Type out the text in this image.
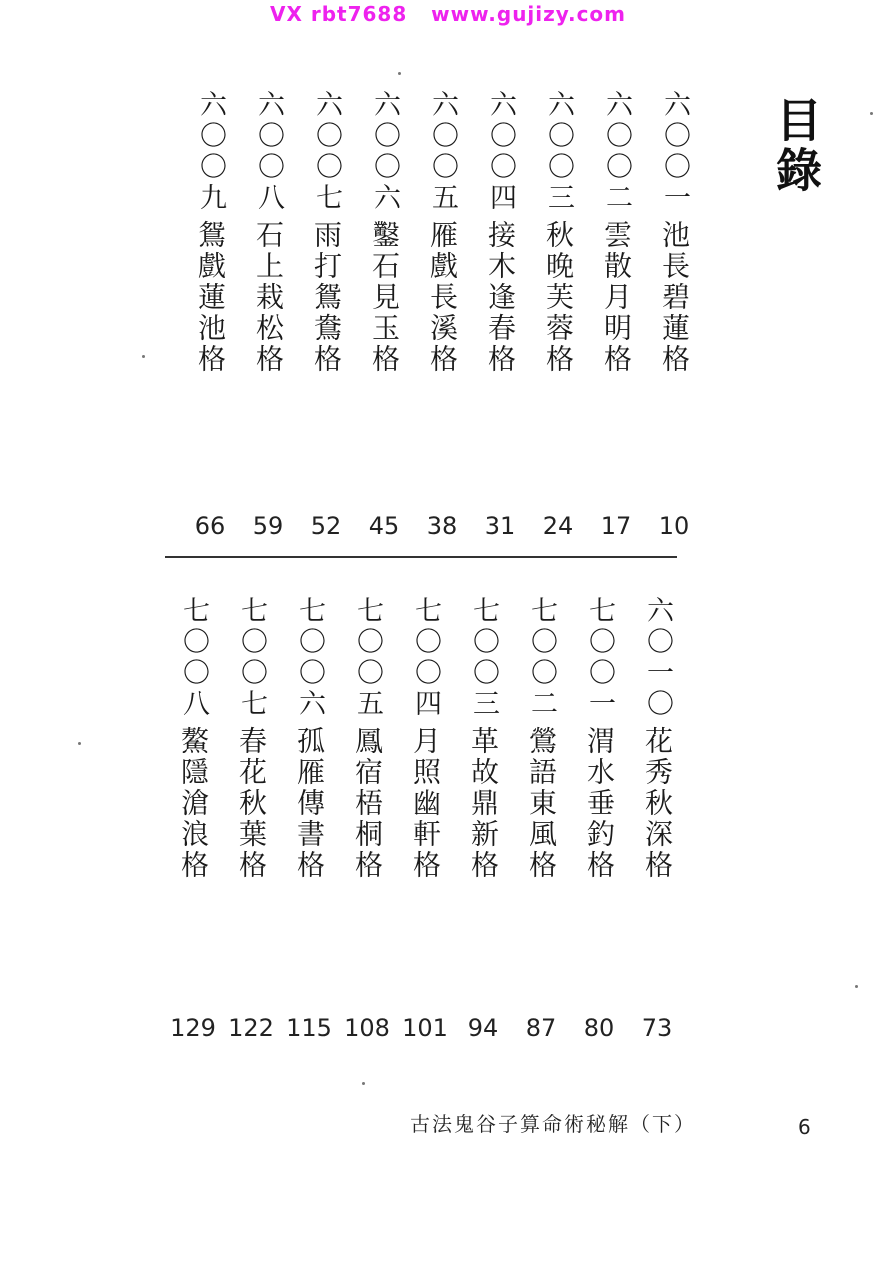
VX rbt7688   www.gujizy.com
目錄
六〇〇一
池長碧蓮格
10
六〇〇二
雲散月明格
17
六〇〇三
秋晚芙蓉格
24
六〇〇四
接木逢春格
31
六〇〇五
雁戲長溪格
38
六〇〇六
鑿石見玉格
45
六〇〇七
雨打鴛鴦格
52
六〇〇八
石上栽松格
59
六〇〇九
鴛戲蓮池格
66
六〇一〇
花秀秋深格
73
七〇〇一
渭水垂釣格
80
七〇〇二
鶯語東風格
87
七〇〇三
革故鼎新格
94
七〇〇四
月照幽軒格
101
七〇〇五
鳳宿梧桐格
108
七〇〇六
孤雁傳書格
115
七〇〇七
春花秋葉格
122
七〇〇八
鰲隱滄浪格
129
古法鬼谷子算命術秘解（下）	6
